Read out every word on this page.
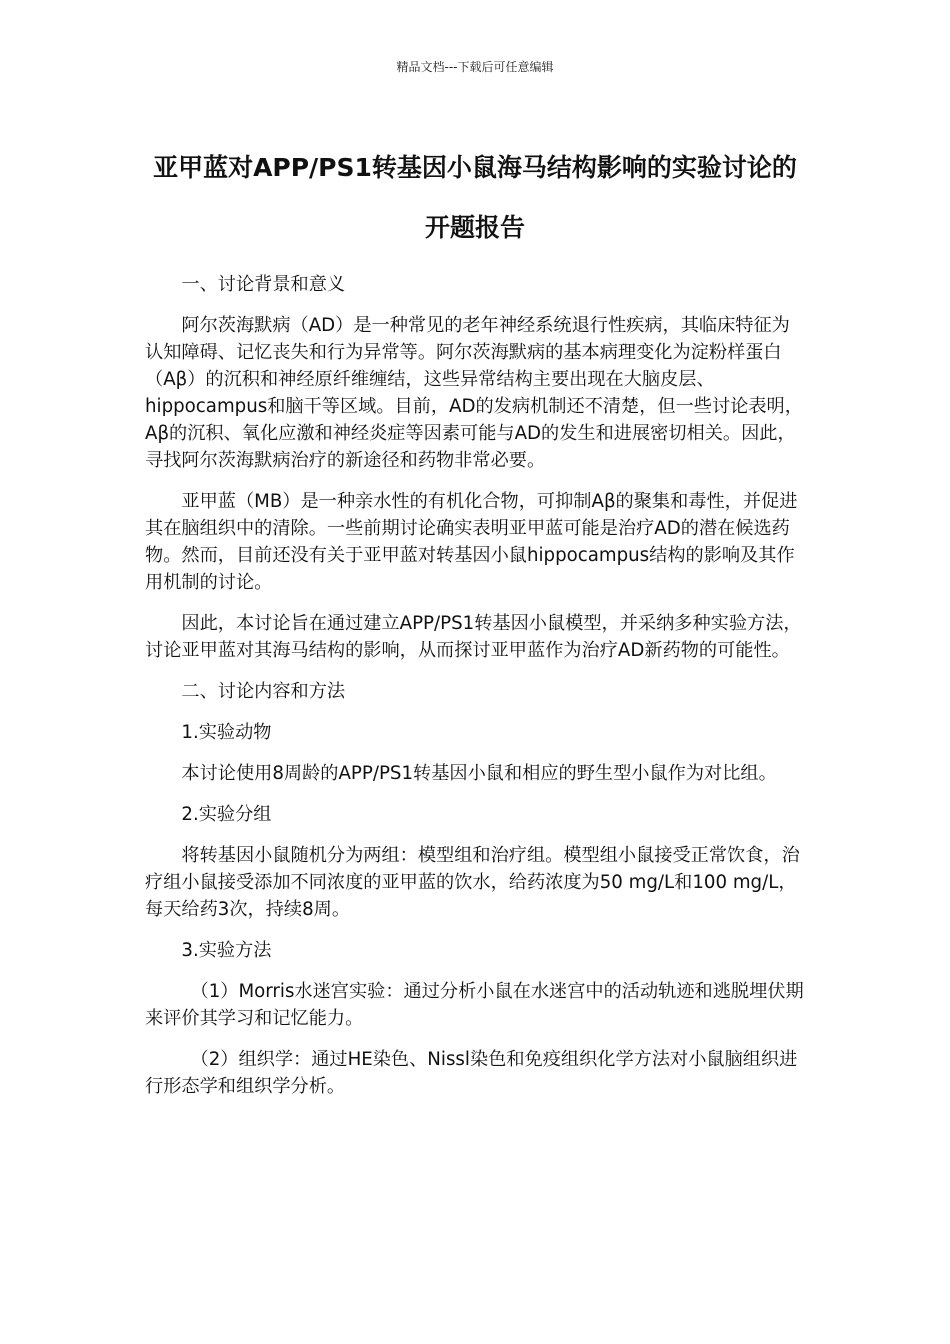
精品文档---下载后可任意编辑
亚甲蓝对APP/PS1转基因小鼠海马结构影响的实验讨论的开题报告

一、讨论背景和意义

阿尔茨海默病（AD）是一种常见的老年神经系统退行性疾病，其临床特征为认知障碍、记忆丧失和行为异常等。阿尔茨海默病的基本病理变化为淀粉样蛋白（Aβ）的沉积和神经原纤维缠结，这些异常结构主要出现在大脑皮层、hippocampus和脑干等区域。目前，AD的发病机制还不清楚，但一些讨论表明，Aβ的沉积、氧化应激和神经炎症等因素可能与AD的发生和进展密切相关。因此，寻找阿尔茨海默病治疗的新途径和药物非常必要。

亚甲蓝（MB）是一种亲水性的有机化合物，可抑制Aβ的聚集和毒性，并促进其在脑组织中的清除。一些前期讨论确实表明亚甲蓝可能是治疗AD的潜在候选药物。然而，目前还没有关于亚甲蓝对转基因小鼠hippocampus结构的影响及其作用机制的讨论。

因此，本讨论旨在通过建立APP/PS1转基因小鼠模型，并采纳多种实验方法，讨论亚甲蓝对其海马结构的影响，从而探讨亚甲蓝作为治疗AD新药物的可能性。

二、讨论内容和方法

1.实验动物

本讨论使用8周龄的APP/PS1转基因小鼠和相应的野生型小鼠作为对比组。

2.实验分组

将转基因小鼠随机分为两组：模型组和治疗组。模型组小鼠接受正常饮食，治疗组小鼠接受添加不同浓度的亚甲蓝的饮水，给药浓度为50 mg/L和100 mg/L，每天给药3次，持续8周。

3.实验方法

（1）Morris水迷宫实验：通过分析小鼠在水迷宫中的活动轨迹和逃脱埋伏期来评价其学习和记忆能力。

（2）组织学：通过HE染色、Nissl染色和免疫组织化学方法对小鼠脑组织进行形态学和组织学分析。
